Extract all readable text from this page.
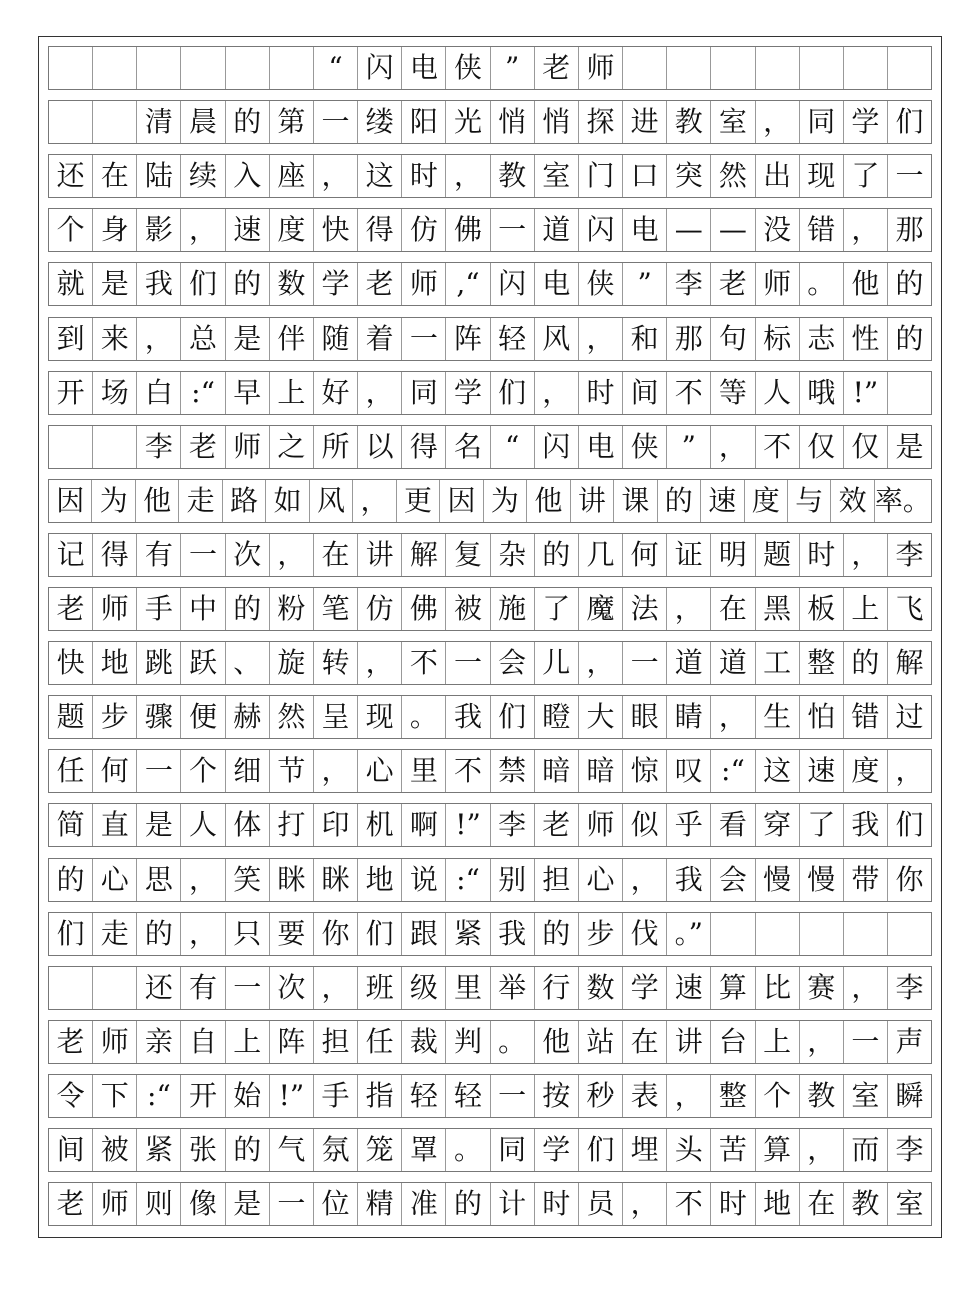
“ 闪 电 侠 ” 老 师
清 晨 的 第 一 缕 阳 光 悄 悄 探 进 教 室 ， 同 学 们
还 在 陆 续 入 座 ， 这 时 ， 教 室 门 口 突 然 出 现 了 一
个 身 影 ， 速 度 快 得 仿 佛 一 道 闪 电 — — 没 错 ， 那
就 是 我 们 的 数 学 老 师 ,“ 闪 电 侠 ” 李 老 师 。 他 的
到 来 ， 总 是 伴 随 着 一 阵 轻 风 ， 和 那 句 标 志 性 的
开 场 白 :“ 早 上 好 ， 同 学 们 ， 时 间 不 等 人 哦 !”
李 老 师 之 所 以 得 名 “ 闪 电 侠 ” ， 不 仅 仅 是
因 为 他 走 路 如 风 ， 更 因 为 他 讲 课 的 速 度 与 效 率。
记 得 有 一 次 ， 在 讲 解 复 杂 的 几 何 证 明 题 时 ， 李
老 师 手 中 的 粉 笔 仿 佛 被 施 了 魔 法 ， 在 黑 板 上 飞
快 地 跳 跃 、 旋 转 ， 不 一 会 儿 ， 一 道 道 工 整 的 解
题 步 骤 便 赫 然 呈 现 。 我 们 瞪 大 眼 睛 ， 生 怕 错 过
任 何 一 个 细 节 ， 心 里 不 禁 暗 暗 惊 叹 :“ 这 速 度 ，
简 直 是 人 体 打 印 机 啊 !” 李 老 师 似 乎 看 穿 了 我 们
的 心 思 ， 笑 眯 眯 地 说 :“ 别 担 心 ， 我 会 慢 慢 带 你
们 走 的 ， 只 要 你 们 跟 紧 我 的 步 伐 。”
还 有 一 次 ， 班 级 里 举 行 数 学 速 算 比 赛 ， 李
老 师 亲 自 上 阵 担 任 裁 判 。 他 站 在 讲 台 上 ， 一 声
令 下 :“ 开 始 !” 手 指 轻 轻 一 按 秒 表 ， 整 个 教 室 瞬
间 被 紧 张 的 气 氛 笼 罩 。 同 学 们 埋 头 苦 算 ， 而 李
老 师 则 像 是 一 位 精 准 的 计 时 员 ， 不 时 地 在 教 室
